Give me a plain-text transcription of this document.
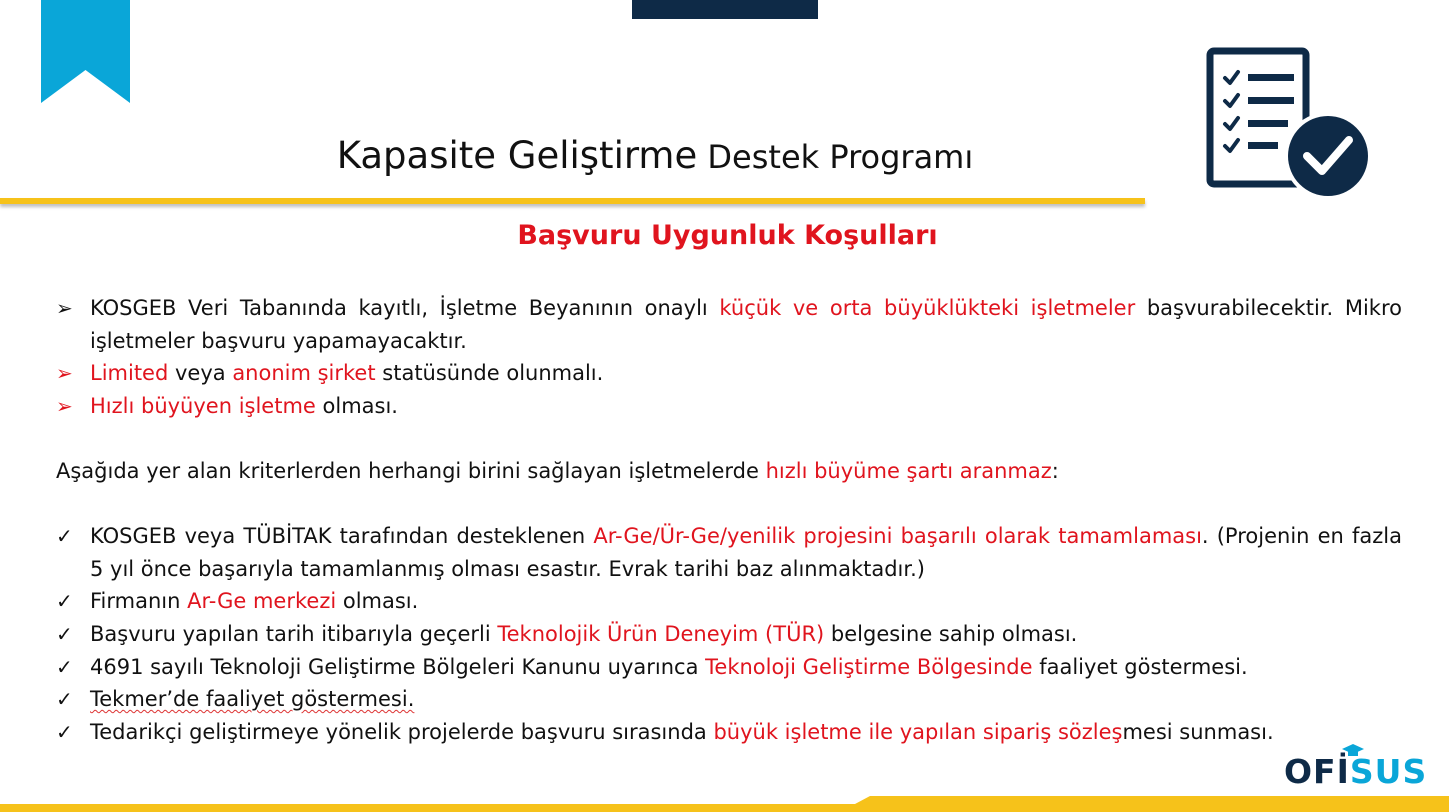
Kapasite Geliştirme Destek Programı
Başvuru Uygunluk Koşulları
➢ KOSGEB Veri Tabanında kayıtlı, İşletme Beyanının onaylı küçük ve orta büyüklükteki işletmeler başvurabilecektir. Mikro işletmeler başvuru yapamayacaktır.
➢ Limited veya anonim şirket statüsünde olunmalı.
➢ Hızlı büyüyen işletme olması.
Aşağıda yer alan kriterlerden herhangi birini sağlayan işletmelerde hızlı büyüme şartı aranmaz:
✓ KOSGEB veya TÜBİTAK tarafından desteklenen Ar-Ge/Ür-Ge/yenilik projesini başarılı olarak tamamlaması. (Projenin en fazla 5 yıl önce başarıyla tamamlanmış olması esastır. Evrak tarihi baz alınmaktadır.)
✓ Firmanın Ar-Ge merkezi olması.
✓ Başvuru yapılan tarih itibarıyla geçerli Teknolojik Ürün Deneyim (TÜR) belgesine sahip olması.
✓ 4691 sayılı Teknoloji Geliştirme Bölgeleri Kanunu uyarınca Teknoloji Geliştirme Bölgesinde faaliyet göstermesi.
✓ Tekmer’de faaliyet göstermesi.
✓ Tedarikçi geliştirmeye yönelik projelerde başvuru sırasında büyük işletme ile yapılan sipariş sözleşmesi sunması.
OFİSUS
